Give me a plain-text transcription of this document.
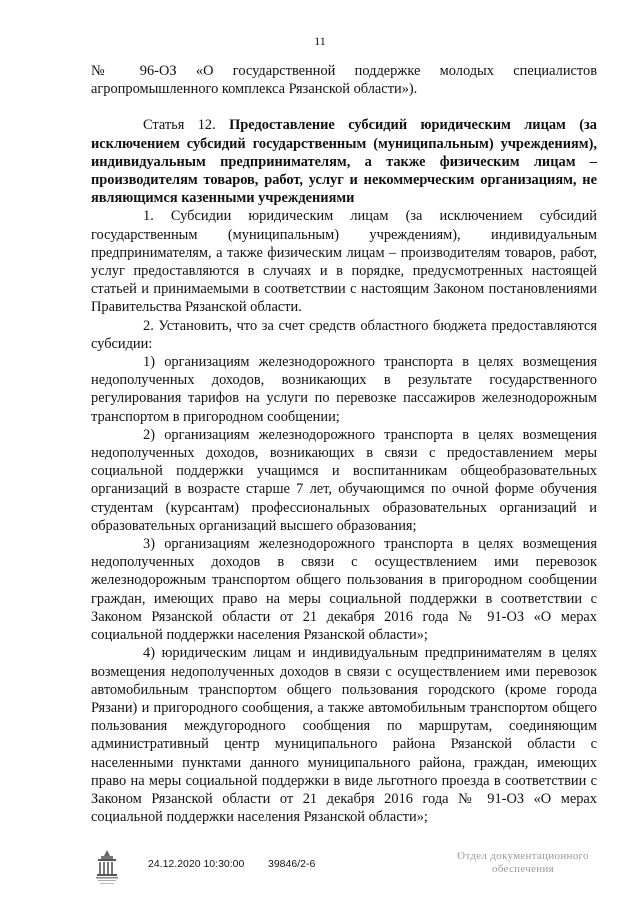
11

№ 96-ОЗ «О государственной поддержке молодых специалистов агропромышленного комплекса Рязанской области»).

Статья 12. Предоставление субсидий юридическим лицам (за исключением субсидий государственным (муниципальным) учреждениям), индивидуальным предпринимателям, а также физическим лицам – производителям товаров, работ, услуг и некоммерческим организациям, не являющимся казенными учреждениями

1. Субсидии юридическим лицам (за исключением субсидий государственным (муниципальным) учреждениям), индивидуальным предпринимателям, а также физическим лицам – производителям товаров, работ, услуг предоставляются в случаях и в порядке, предусмотренных настоящей статьей и принимаемыми в соответствии с настоящим Законом постановлениями Правительства Рязанской области.

2. Установить, что за счет средств областного бюджета предоставляются субсидии:

1) организациям железнодорожного транспорта в целях возмещения недополученных доходов, возникающих в результате государственного регулирования тарифов на услуги по перевозке пассажиров железнодорожным транспортом в пригородном сообщении;

2) организациям железнодорожного транспорта в целях возмещения недополученных доходов, возникающих в связи с предоставлением меры социальной поддержки учащимся и воспитанникам общеобразовательных организаций в возрасте старше 7 лет, обучающимся по очной форме обучения студентам (курсантам) профессиональных образовательных организаций и образовательных организаций высшего образования;

3) организациям железнодорожного транспорта в целях возмещения недополученных доходов в связи с осуществлением ими перевозок железнодорожным транспортом общего пользования в пригородном сообщении граждан, имеющих право на меры социальной поддержки в соответствии с Законом Рязанской области от 21 декабря 2016 года № 91-ОЗ «О мерах социальной поддержки населения Рязанской области»;

4) юридическим лицам и индивидуальным предпринимателям в целях возмещения недополученных доходов в связи с осуществлением ими перевозок автомобильным транспортом общего пользования городского (кроме города Рязани) и пригородного сообщения, а также автомобильным транспортом общего пользования междугородного сообщения по маршрутам, соединяющим административный центр муниципального района Рязанской области с населенными пунктами данного муниципального района, граждан, имеющих право на меры социальной поддержки в виде льготного проезда в соответствии с Законом Рязанской области от 21 декабря 2016 года № 91-ОЗ «О мерах социальной поддержки населения Рязанской области»;

24.12.2020 10:30:00 39846/2-6
Отдел документационного
обеспечения
